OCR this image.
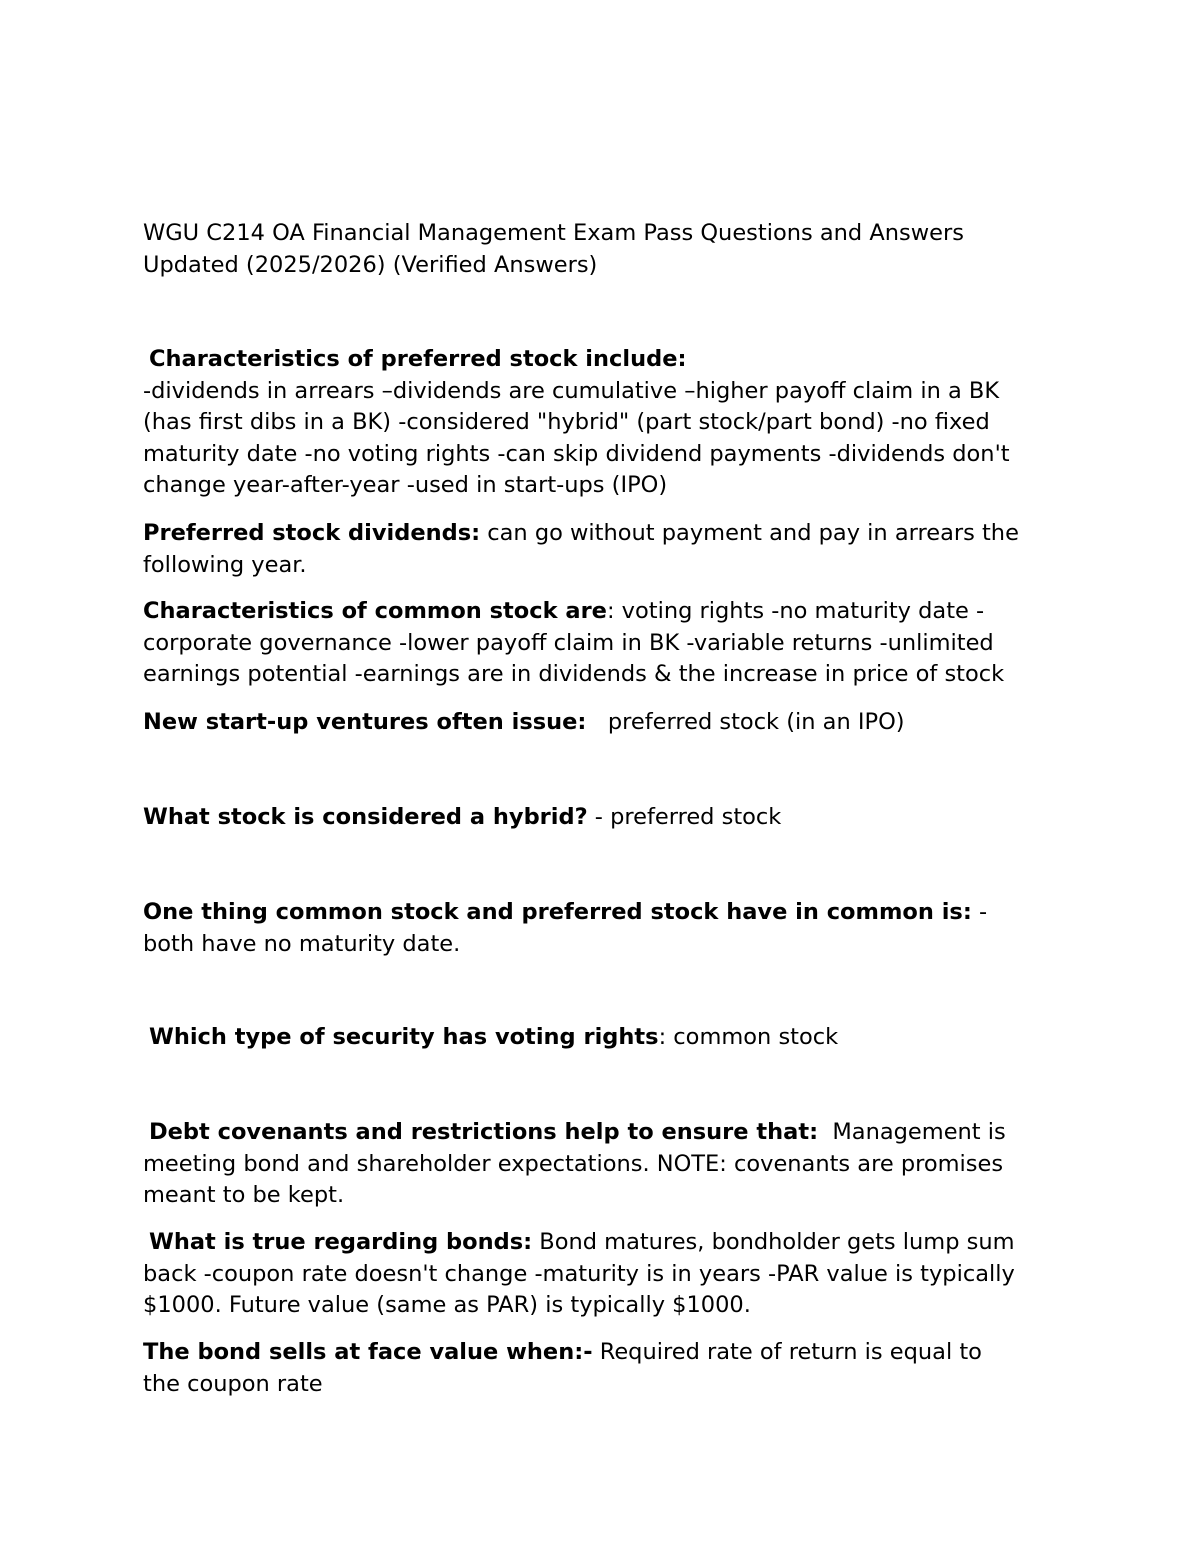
WGU C214 OA Financial Management Exam Pass Questions and Answers
Updated (2025/2026) (Verified Answers)
Characteristics of preferred stock include:
-dividends in arrears –dividends are cumulative –higher payoff claim in a BK
(has first dibs in a BK) -considered "hybrid" (part stock/part bond) -no fixed
maturity date -no voting rights -can skip dividend payments -dividends don't
change year-after-year -used in start-ups (IPO)
Preferred stock dividends: can go without payment and pay in arrears the
following year.
Characteristics of common stock are: voting rights -no maturity date -
corporate governance -lower payoff claim in BK -variable returns -unlimited
earnings potential -earnings are in dividends & the increase in price of stock
New start-up ventures often issue:   preferred stock (in an IPO)
What stock is considered a hybrid? - preferred stock
One thing common stock and preferred stock have in common is: -
both have no maturity date.
Which type of security has voting rights: common stock
Debt covenants and restrictions help to ensure that:  Management is
meeting bond and shareholder expectations. NOTE: covenants are promises
meant to be kept.
What is true regarding bonds: Bond matures, bondholder gets lump sum
back -coupon rate doesn't change -maturity is in years -PAR value is typically
$1000. Future value (same as PAR) is typically $1000.
The bond sells at face value when:- Required rate of return is equal to
the coupon rate
